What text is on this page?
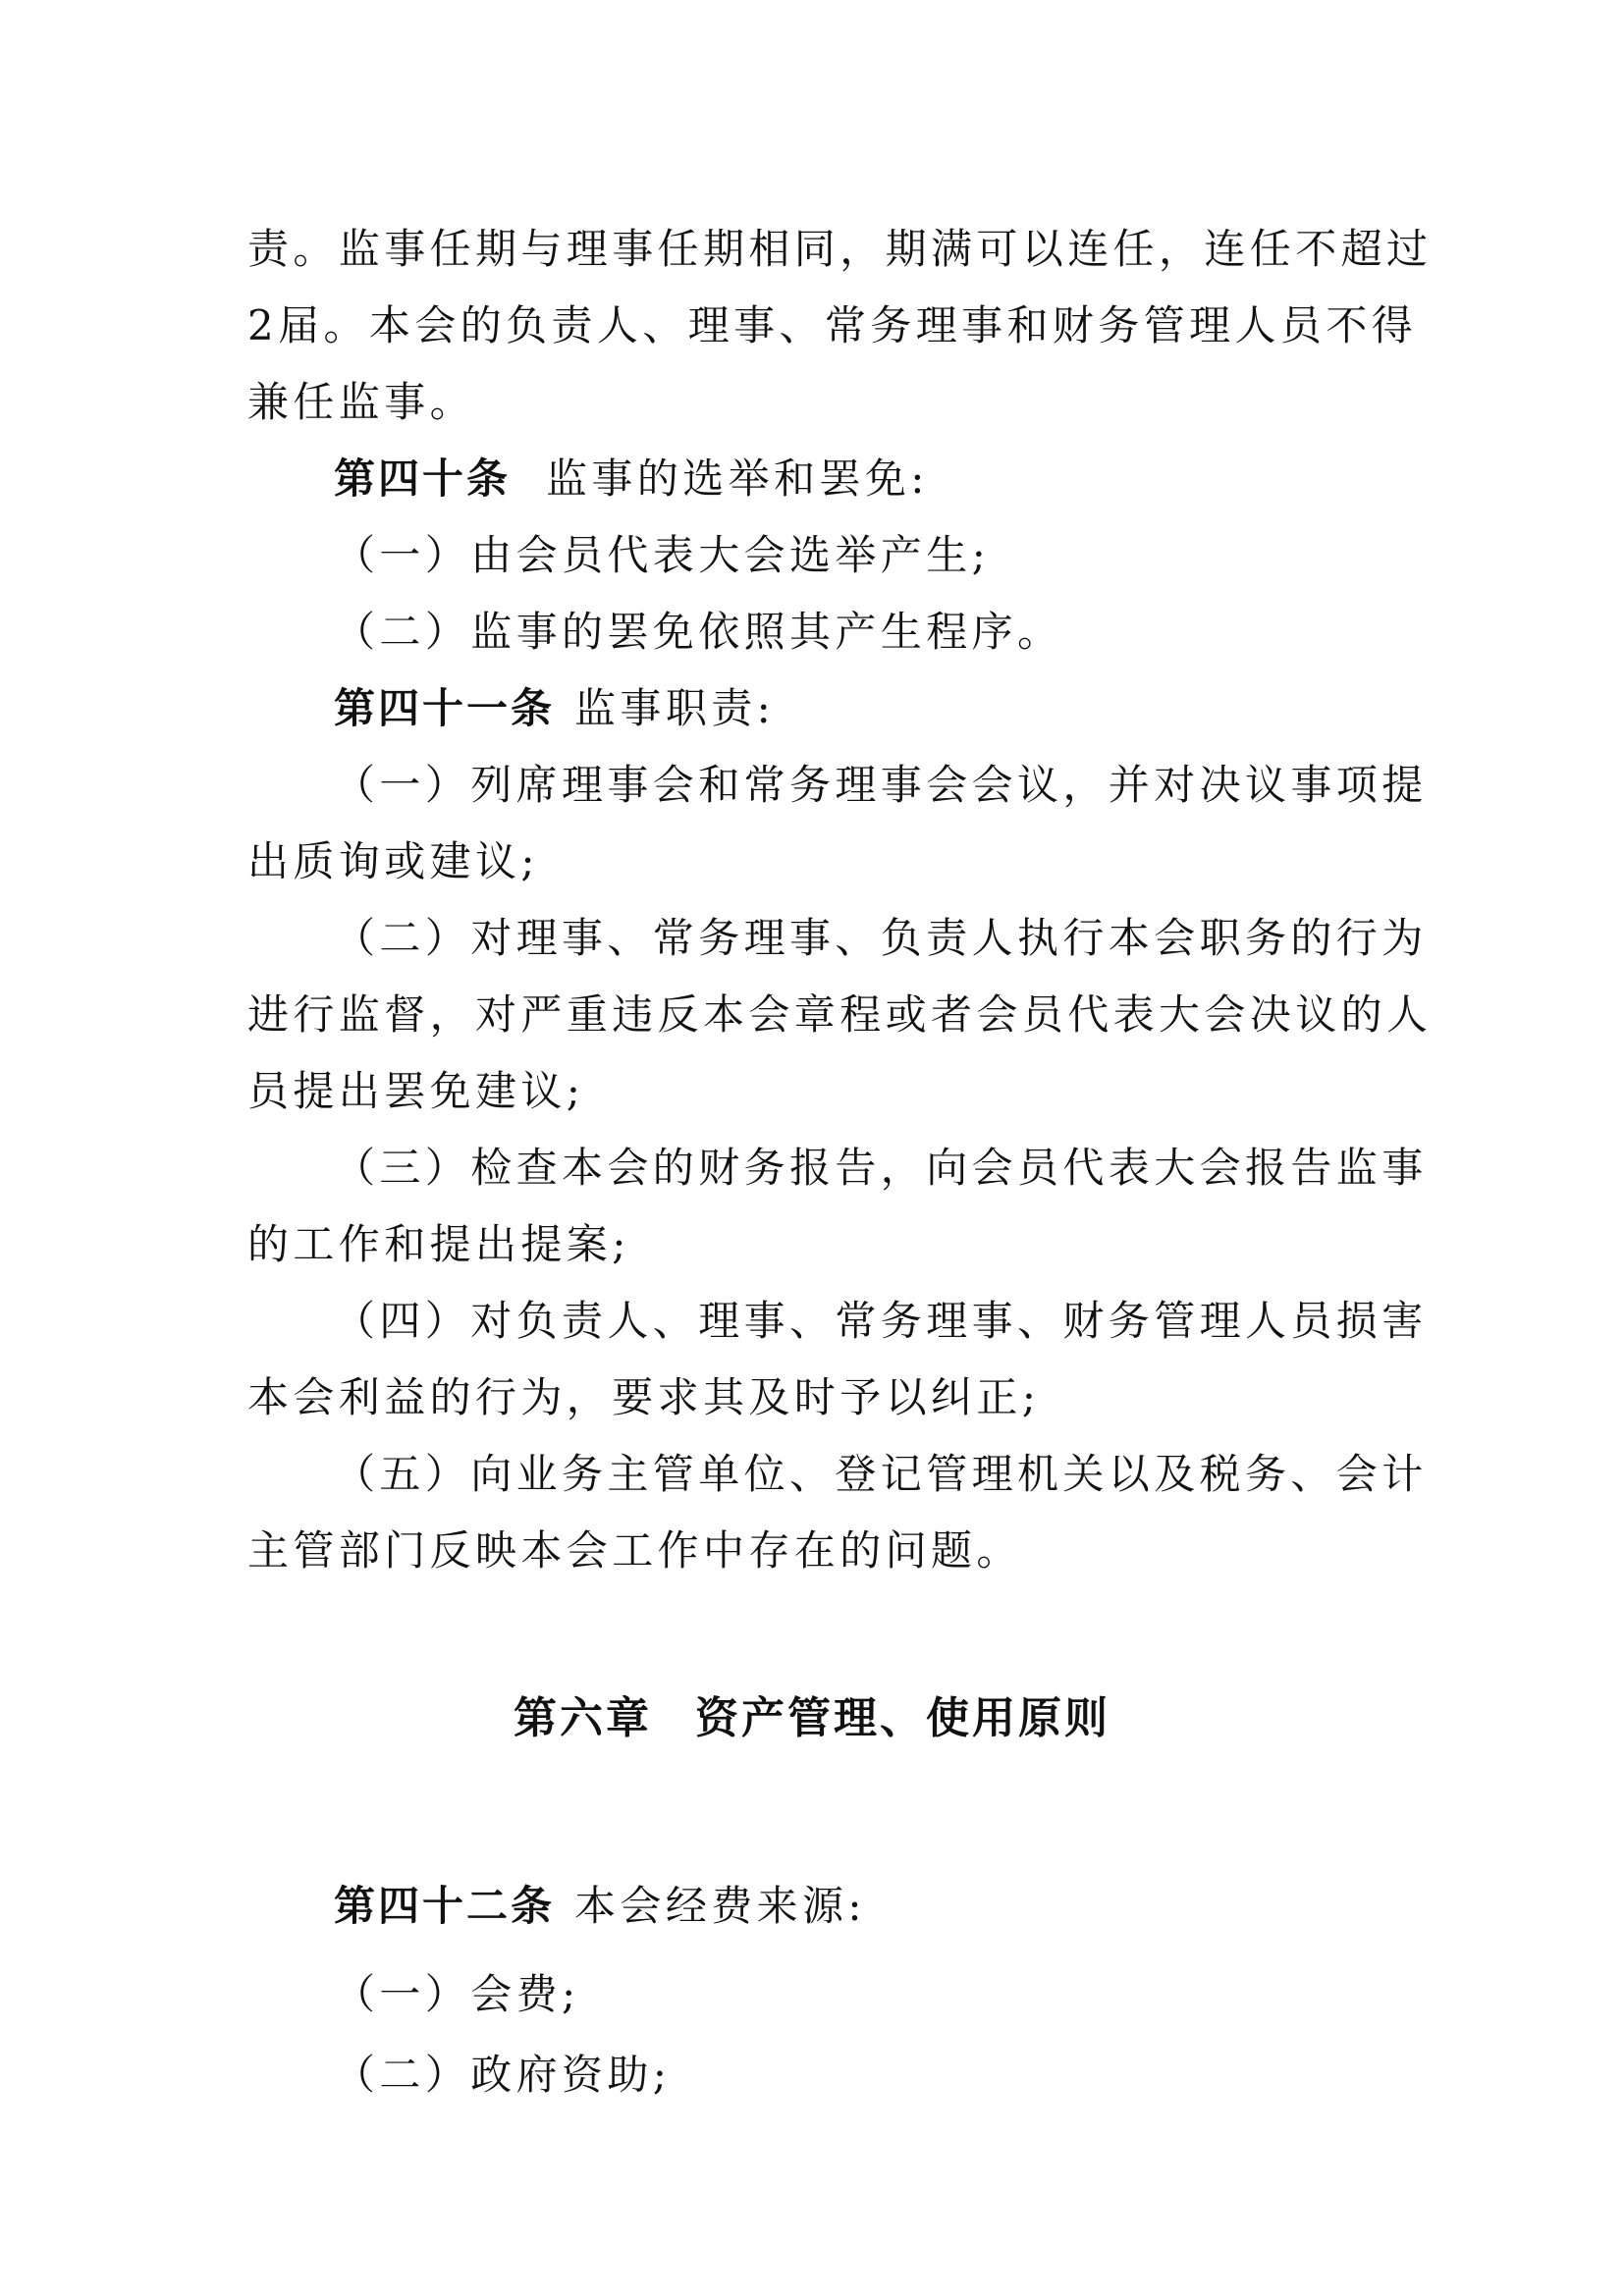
责。监事任期与理事任期相同，期满可以连任，连任不超过
2届。本会的负责人、理事、常务理事和财务管理人员不得
兼任监事。
第四十条 监事的选举和罢免:
（一）由会员代表大会选举产生;
（二）监事的罢免依照其产生程序。
第四十一条 监事职责:
（一）列席理事会和常务理事会会议，并对决议事项提
出质询或建议;
（二）对理事、常务理事、负责人执行本会职务的行为
进行监督，对严重违反本会章程或者会员代表大会决议的人
员提出罢免建议;
（三）检查本会的财务报告，向会员代表大会报告监事
的工作和提出提案;
（四）对负责人、理事、常务理事、财务管理人员损害
本会利益的行为，要求其及时予以纠正;
（五）向业务主管单位、登记管理机关以及税务、会计
主管部门反映本会工作中存在的问题。
第六章 资产管理、使用原则
第四十二条 本会经费来源:
（一）会费;
（二）政府资助;
